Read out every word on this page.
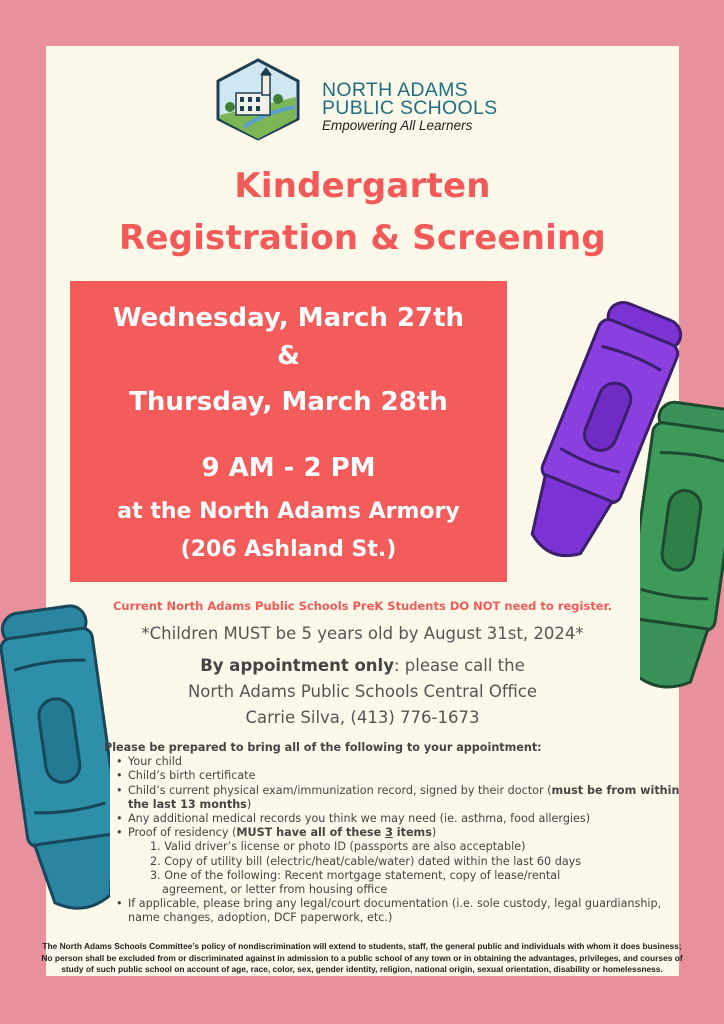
NORTH ADAMS
PUBLIC SCHOOLS
Empowering All Learners
Kindergarten
Registration & Screening
Wednesday, March 27th
&
Thursday, March 28th
9 AM - 2 PM
at the North Adams Armory
(206 Ashland St.)
Current North Adams Public Schools PreK Students DO NOT need to register.
*Children MUST be 5 years old by August 31st, 2024*
By appointment only: please call the
North Adams Public Schools Central Office
Carrie Silva, (413) 776-1673
Please be prepared to bring all of the following to your appointment:
• Your child
• Child’s birth certificate
• Child’s current physical exam/immunization record, signed by their doctor (must be from within the last 13 months)
• Any additional medical records you think we may need (ie. asthma, food allergies)
• Proof of residency (MUST have all of these 3 items)
1. Valid driver’s license or photo ID (passports are also acceptable)
2. Copy of utility bill (electric/heat/cable/water) dated within the last 60 days
3. One of the following: Recent mortgage statement, copy of lease/rental
agreement, or letter from housing office
• If applicable, please bring any legal/court documentation (i.e. sole custody, legal guardianship, name changes, adoption, DCF paperwork, etc.)
The North Adams Schools Committee’s policy of nondiscrimination will extend to students, staff, the general public and individuals with whom it does business;
No person shall be excluded from or discriminated against in admission to a public school of any town or in obtaining the advantages, privileges, and courses of
study of such public school on account of age, race, color, sex, gender identity, religion, national origin, sexual orientation, disability or homelessness.
